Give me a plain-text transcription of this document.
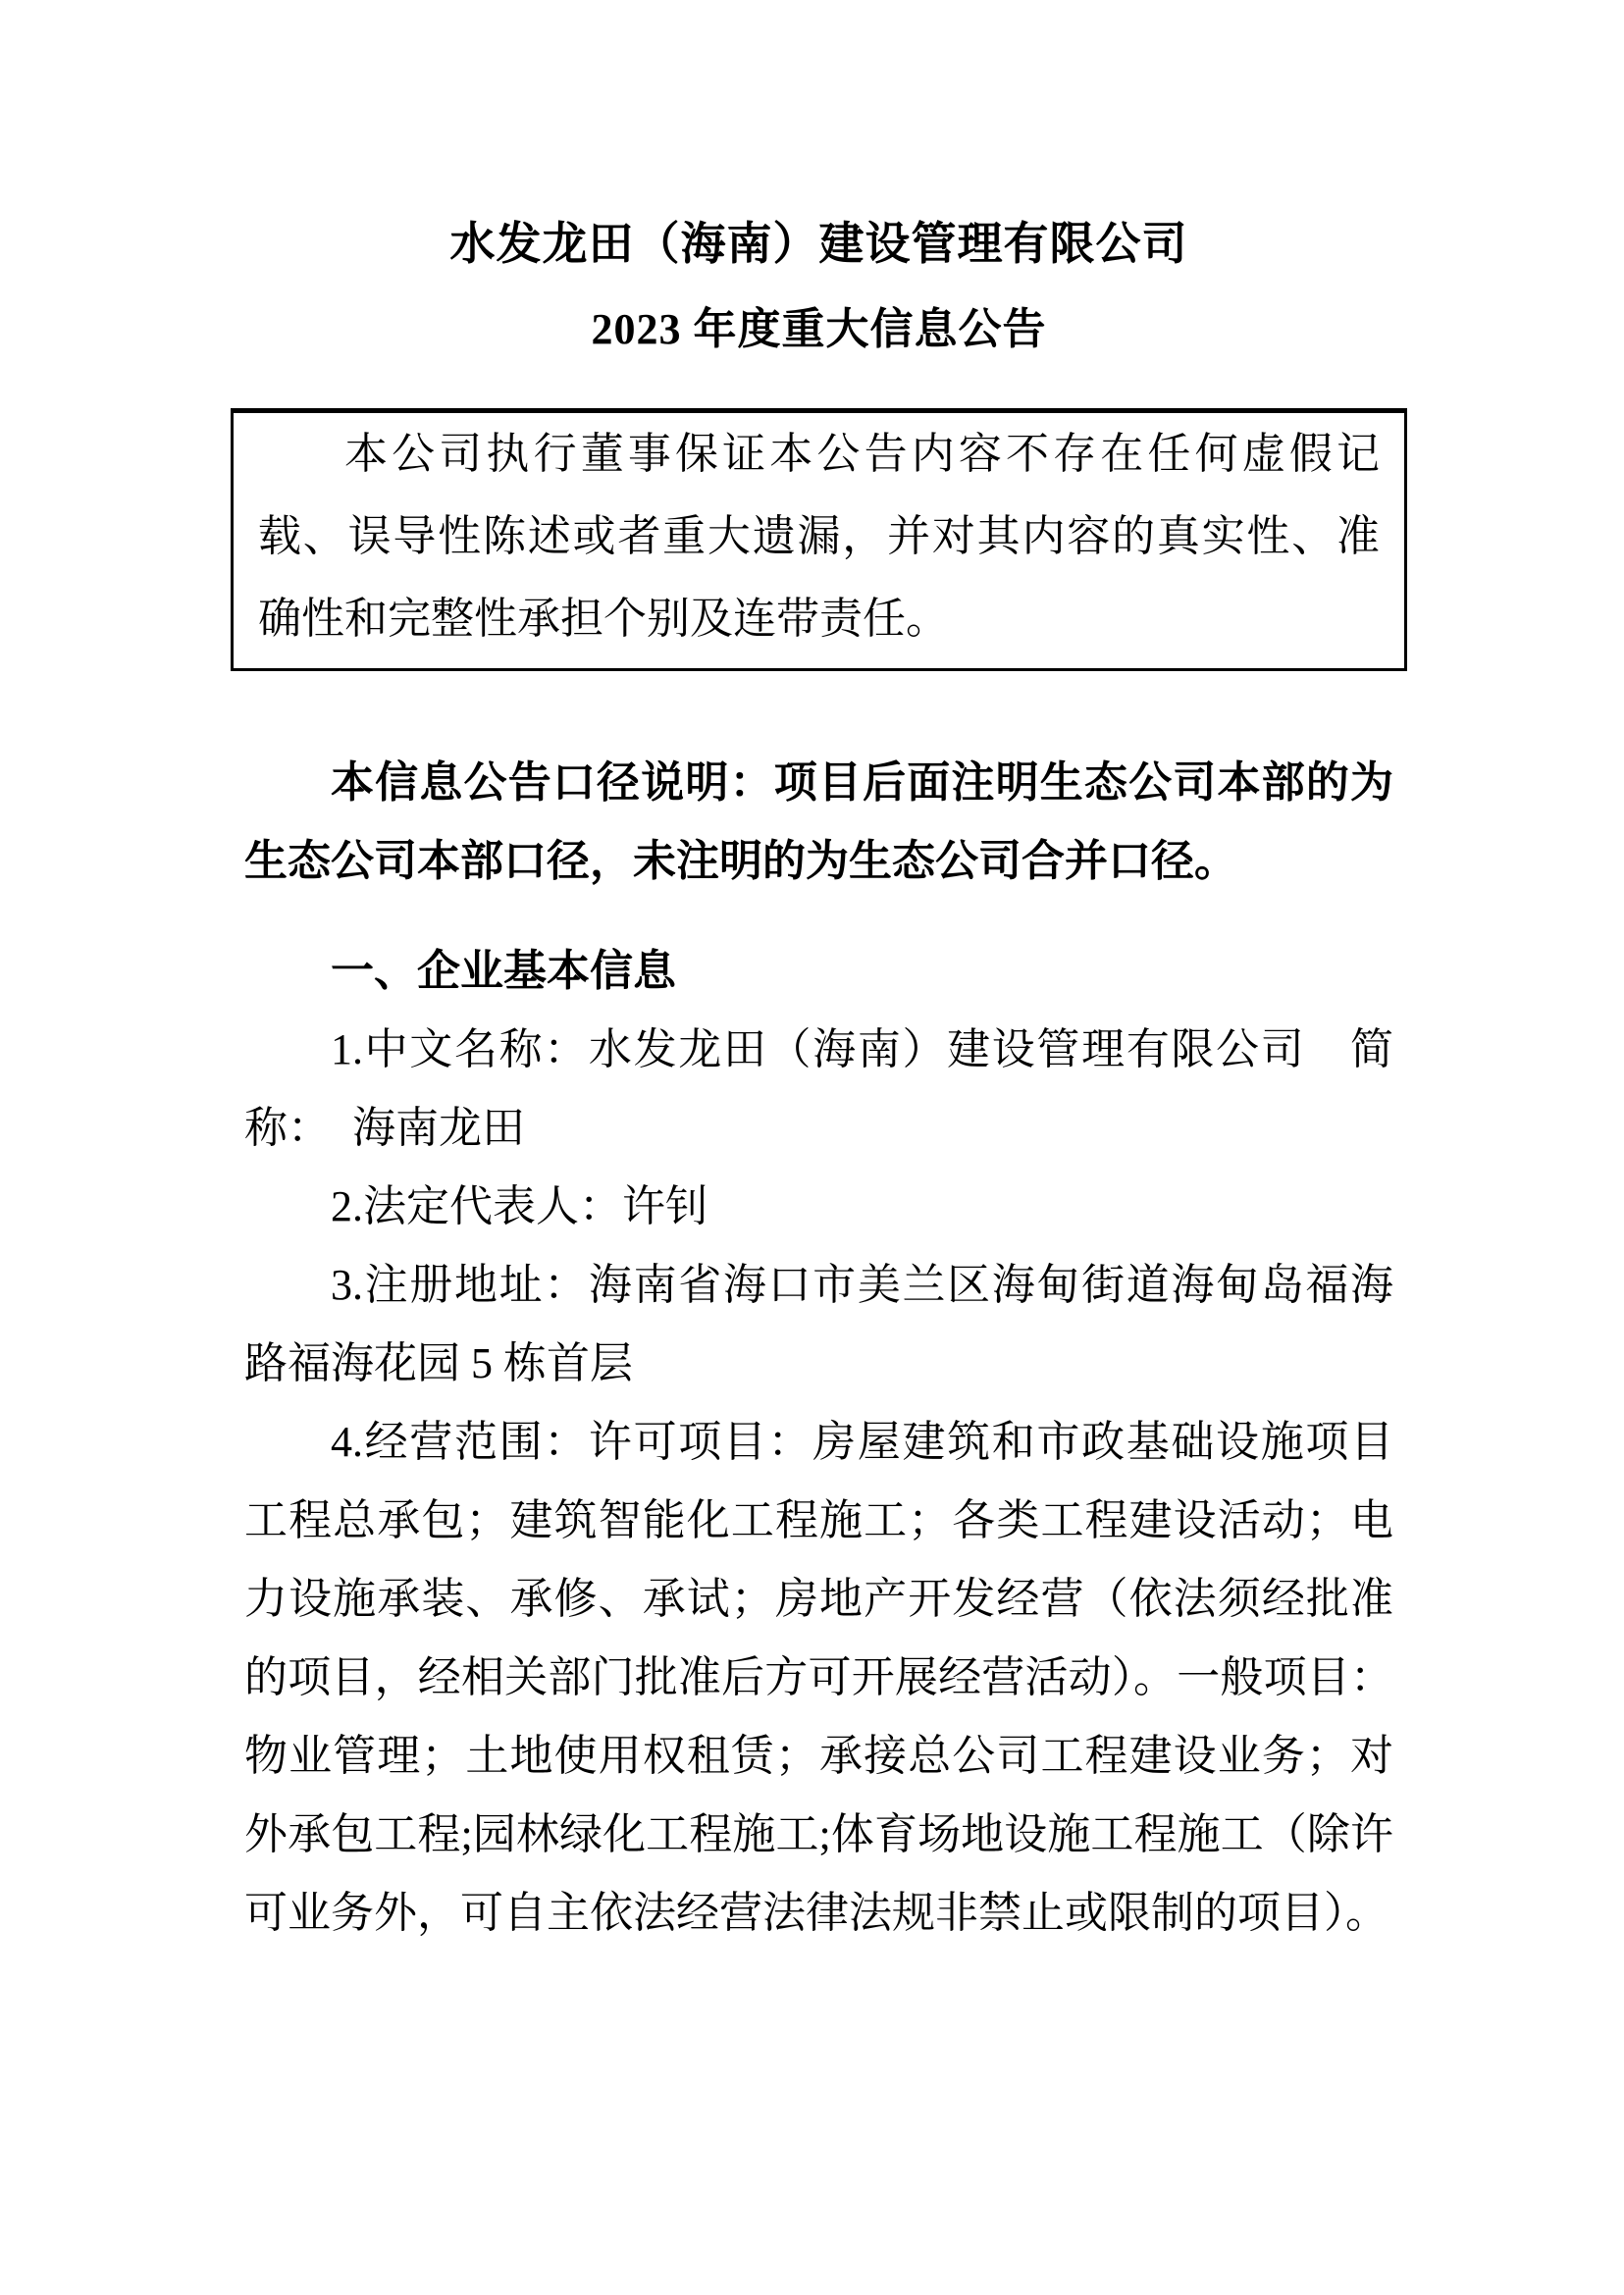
水发龙田（海南）建设管理有限公司
2023 年度重大信息公告

本公司执行董事保证本公告内容不存在任何虚假记载、误导性陈述或者重大遗漏，并对其内容的真实性、准确性和完整性承担个别及连带责任。

本信息公告口径说明：项目后面注明生态公司本部的为生态公司本部口径，未注明的为生态公司合并口径。

一、企业基本信息

1.中文名称：水发龙田（海南）建设管理有限公司　简称：　海南龙田

2.法定代表人：许钊

3.注册地址：海南省海口市美兰区海甸街道海甸岛福海路福海花园 5 栋首层

4.经营范围：许可项目：房屋建筑和市政基础设施项目工程总承包；建筑智能化工程施工；各类工程建设活动；电力设施承装、承修、承试；房地产开发经营（依法须经批准的项目，经相关部门批准后方可开展经营活动）。一般项目：物业管理；土地使用权租赁；承接总公司工程建设业务；对外承包工程;园林绿化工程施工;体育场地设施工程施工（除许可业务外，可自主依法经营法律法规非禁止或限制的项目）。
